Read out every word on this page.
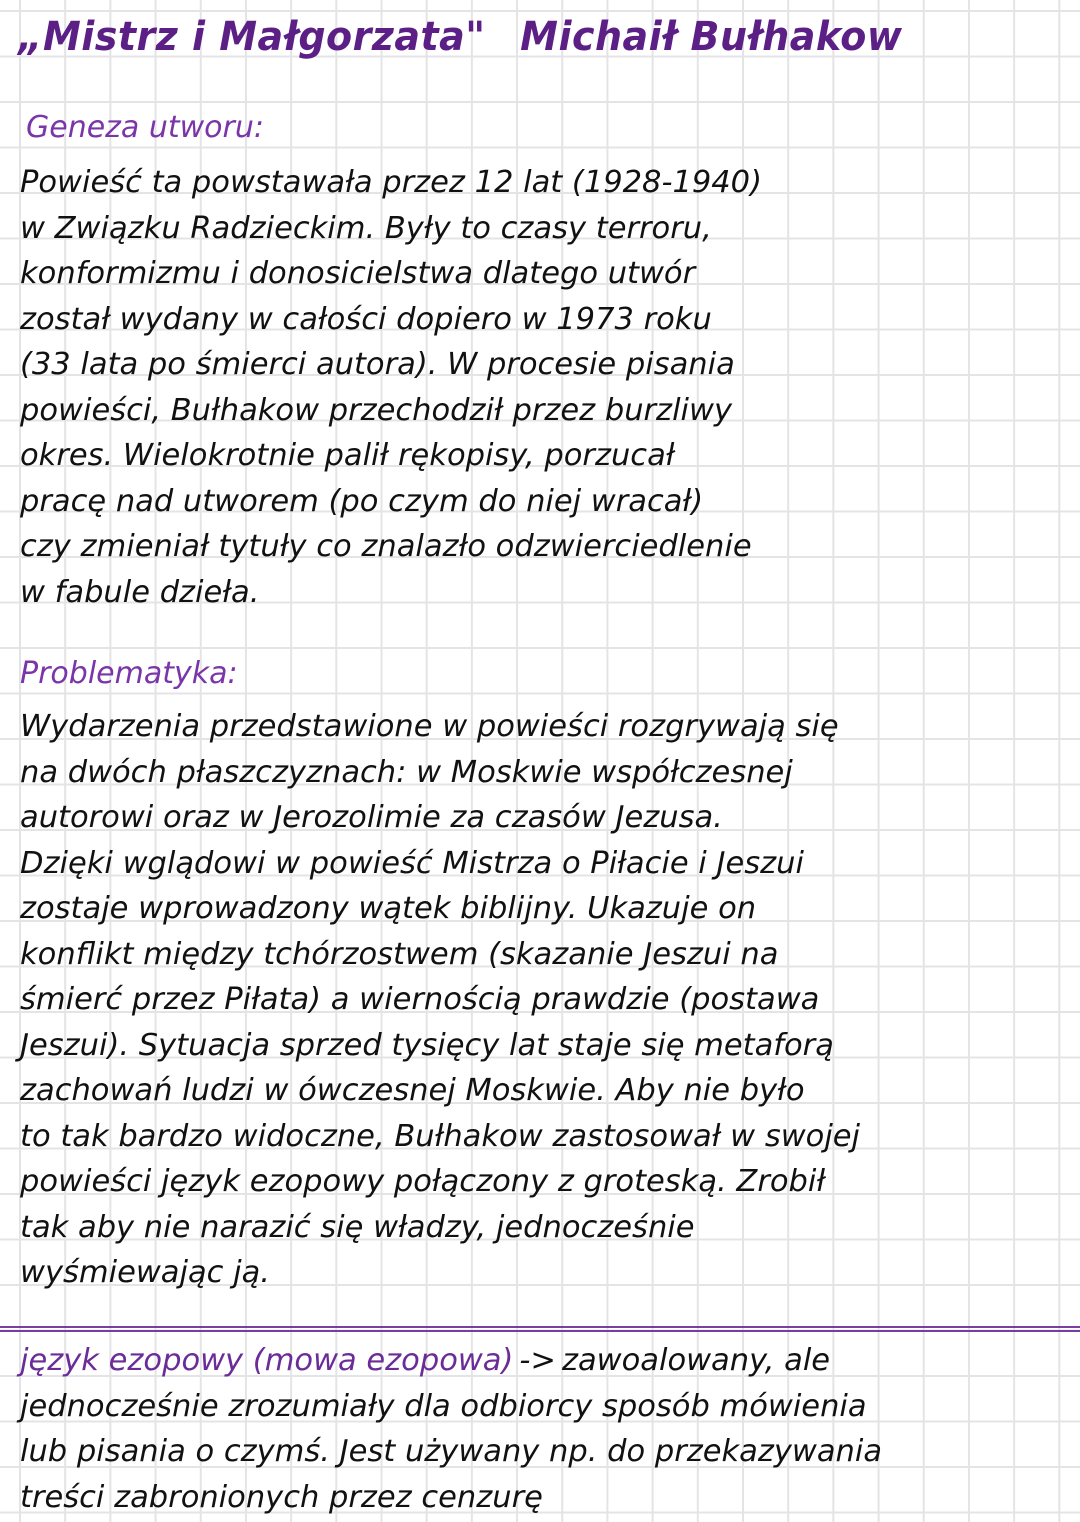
„Mistrz i Małgorzata" Michaił Bułhakow
Geneza utworu:
Powieść ta powstawała przez 12 lat (1928-1940)
w Związku Radzieckim. Były to czasy terroru,
konformizmu i donosicielstwa dlatego utwór
został wydany w całości dopiero w 1973 roku
(33 lata po śmierci autora). W procesie pisania
powieści, Bułhakow przechodził przez burzliwy
okres. Wielokrotnie palił rękopisy, porzucał
pracę nad utworem (po czym do niej wracał)
czy zmieniał tytuły co znalazło odzwierciedlenie
w fabule dzieła.
Problematyka:
Wydarzenia przedstawione w powieści rozgrywają się
na dwóch płaszczyznach: w Moskwie współczesnej
autorowi oraz w Jerozolimie za czasów Jezusa.
Dzięki wglądowi w powieść Mistrza o Piłacie i Jeszui
zostaje wprowadzony wątek biblijny. Ukazuje on
konflikt między tchórzostwem (skazanie Jeszui na
śmierć przez Piłata) a wiernością prawdzie (postawa
Jeszui). Sytuacja sprzed tysięcy lat staje się metaforą
zachowań ludzi w ówczesnej Moskwie. Aby nie było
to tak bardzo widoczne, Bułhakow zastosował w swojej
powieści język ezopowy połączony z groteską. Zrobił
tak aby nie narazić się władzy, jednocześnie
wyśmiewając ją.
język ezopowy (mowa ezopowa) -> zawoalowany, ale
jednocześnie zrozumiały dla odbiorcy sposób mówienia
lub pisania o czymś. Jest używany np. do przekazywania
treści zabronionych przez cenzurę
